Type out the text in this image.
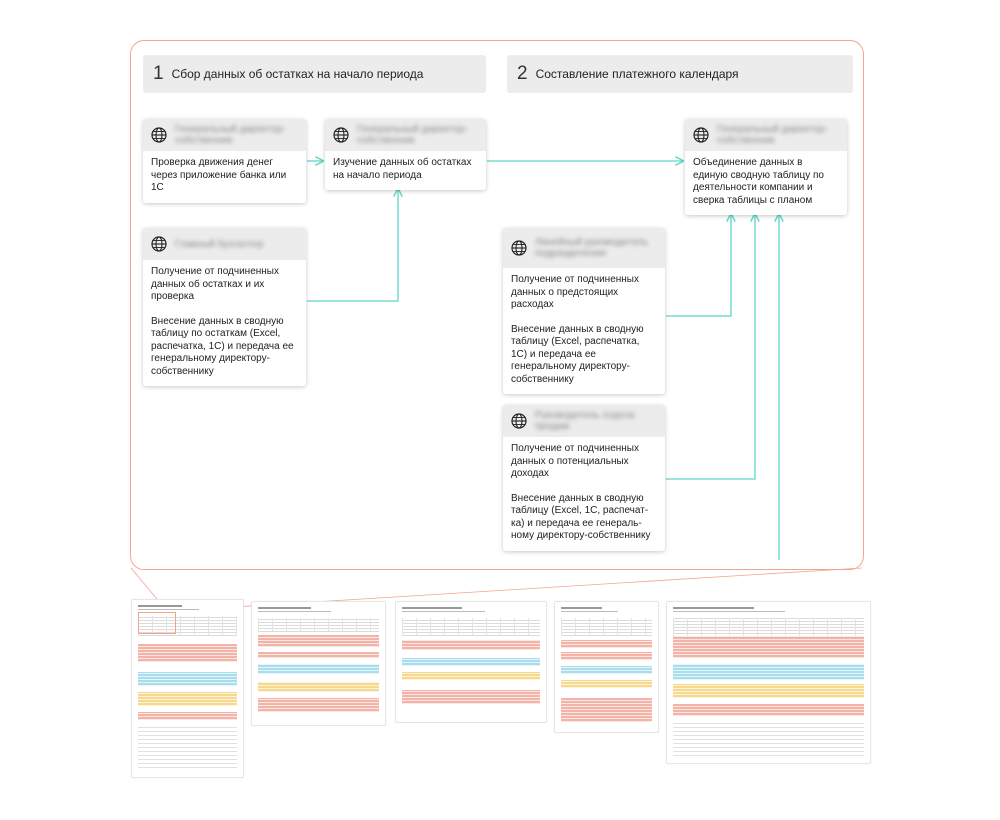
1 Сбор данных об остатках на начало периода	2 Составление платежного календаря
Генеральный директор-собственник

Проверка движения денег через приложение банка или 1С

Генеральный директор-собственник

Изучение данных об остатках на начало периода

Генеральный директор-собственник

Объединение данных в единую сводную таблицу по деятельности компании и сверка таблицы с планом

Главный бухгалтер

Получение от подчиненных данных об остатках и их проверка

Внесение данных в сводную таблицу по остаткам (Excel, распечатка, 1С) и передача ее генеральному директору-собственнику

Линейный руководитель подразделения

Получение от подчиненных данных о предстоящих расходах

Внесение данных в сводную таблицу (Excel, распечатка, 1С) и передача ее генеральному директору-собственнику

Руководитель отдела продаж

Получение от подчиненных данных о потенциальных доходах

Внесение данных в сводную таблицу (Excel, 1С, распечат-ка) и передача ее генераль-ному директору-собственнику
